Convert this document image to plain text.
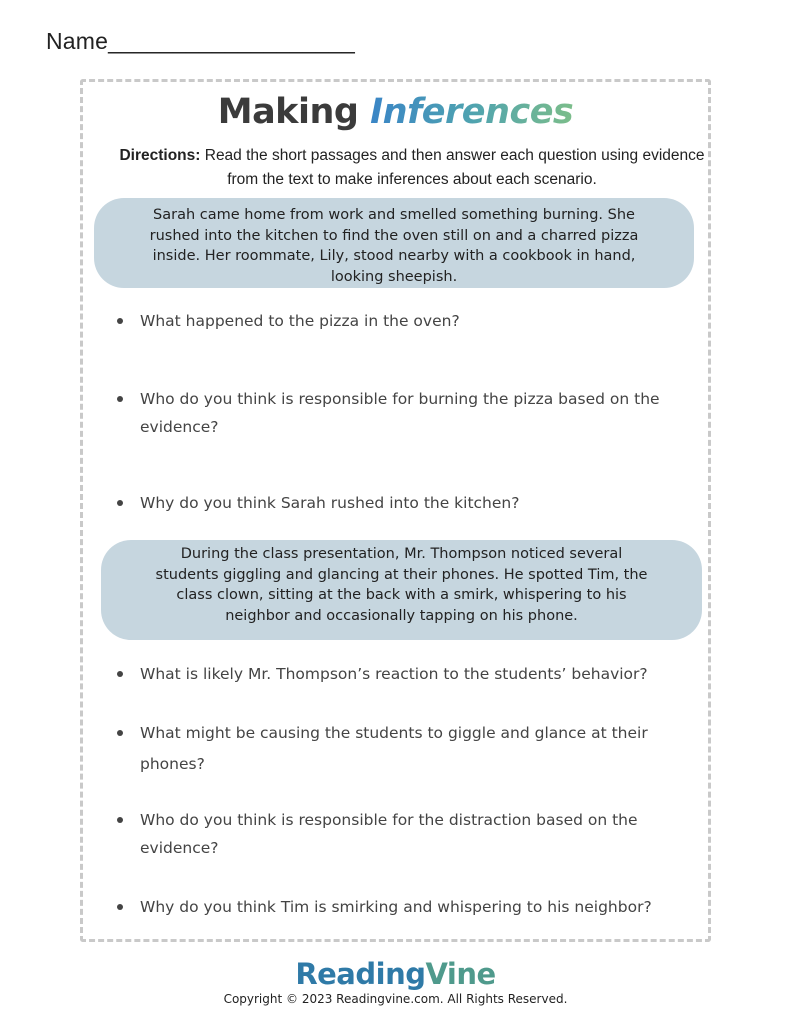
Name___________________
Making Inferences
Directions: Read the short passages and then answer each question using evidence from the text to make inferences about each scenario.
Sarah came home from work and smelled something burning. She
rushed into the kitchen to find the oven still on and a charred pizza
inside. Her roommate, Lily, stood nearby with a cookbook in hand,
looking sheepish.
What happened to the pizza in the oven?
Who do you think is responsible for burning the pizza based on the evidence?
Why do you think Sarah rushed into the kitchen?
During the class presentation, Mr. Thompson noticed several
students giggling and glancing at their phones. He spotted Tim, the
class clown, sitting at the back with a smirk, whispering to his
neighbor and occasionally tapping on his phone.
What is likely Mr. Thompson’s reaction to the students’ behavior?
What might be causing the students to giggle and glance at their phones?
Who do you think is responsible for the distraction based on the evidence?
Why do you think Tim is smirking and whispering to his neighbor?
ReadingVine
Copyright © 2023 Readingvine.com. All Rights Reserved.
